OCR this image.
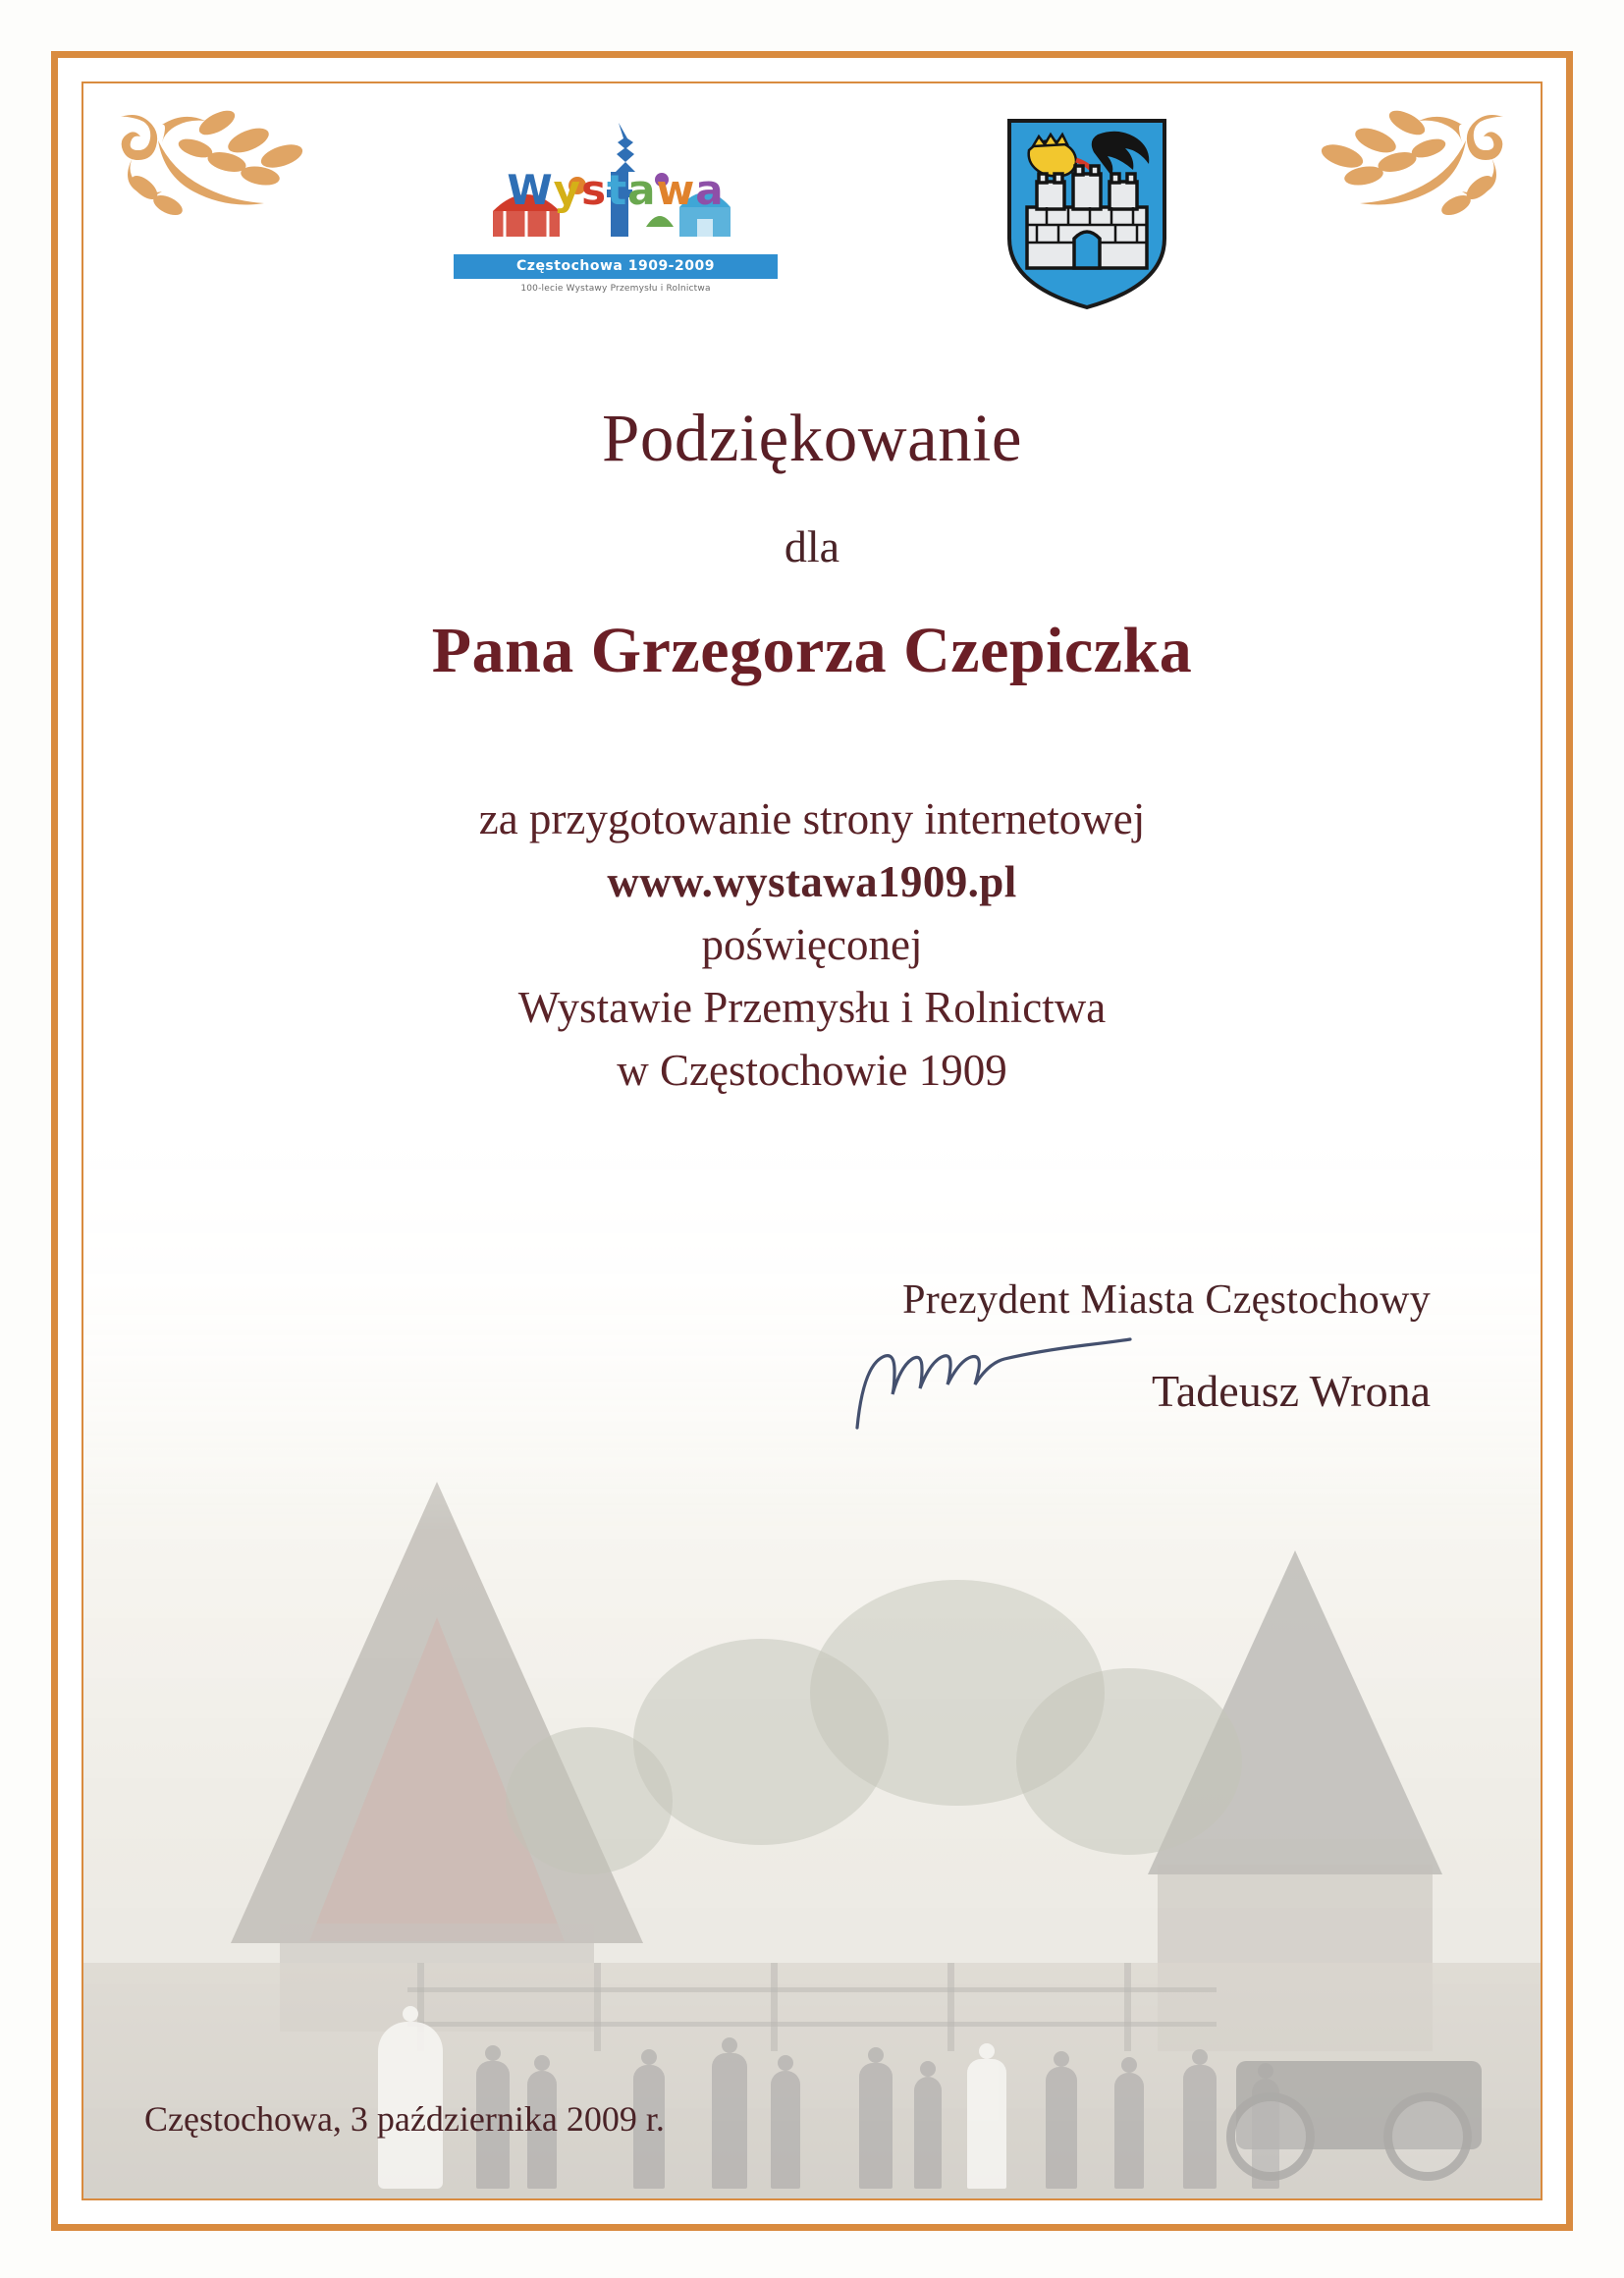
Wystawa
Częstochowa 1909-2009
100-lecie Wystawy Przemysłu i Rolnictwa
Podziękowanie
dla
Pana Grzegorza Czepiczka
za przygotowanie strony internetowej
www.wystawa1909.pl
poświęconej
Wystawie Przemysłu i Rolnictwa
w Częstochowie 1909
Prezydent Miasta Częstochowy
Tadeusz Wrona
Częstochowa, 3 października 2009 r.
